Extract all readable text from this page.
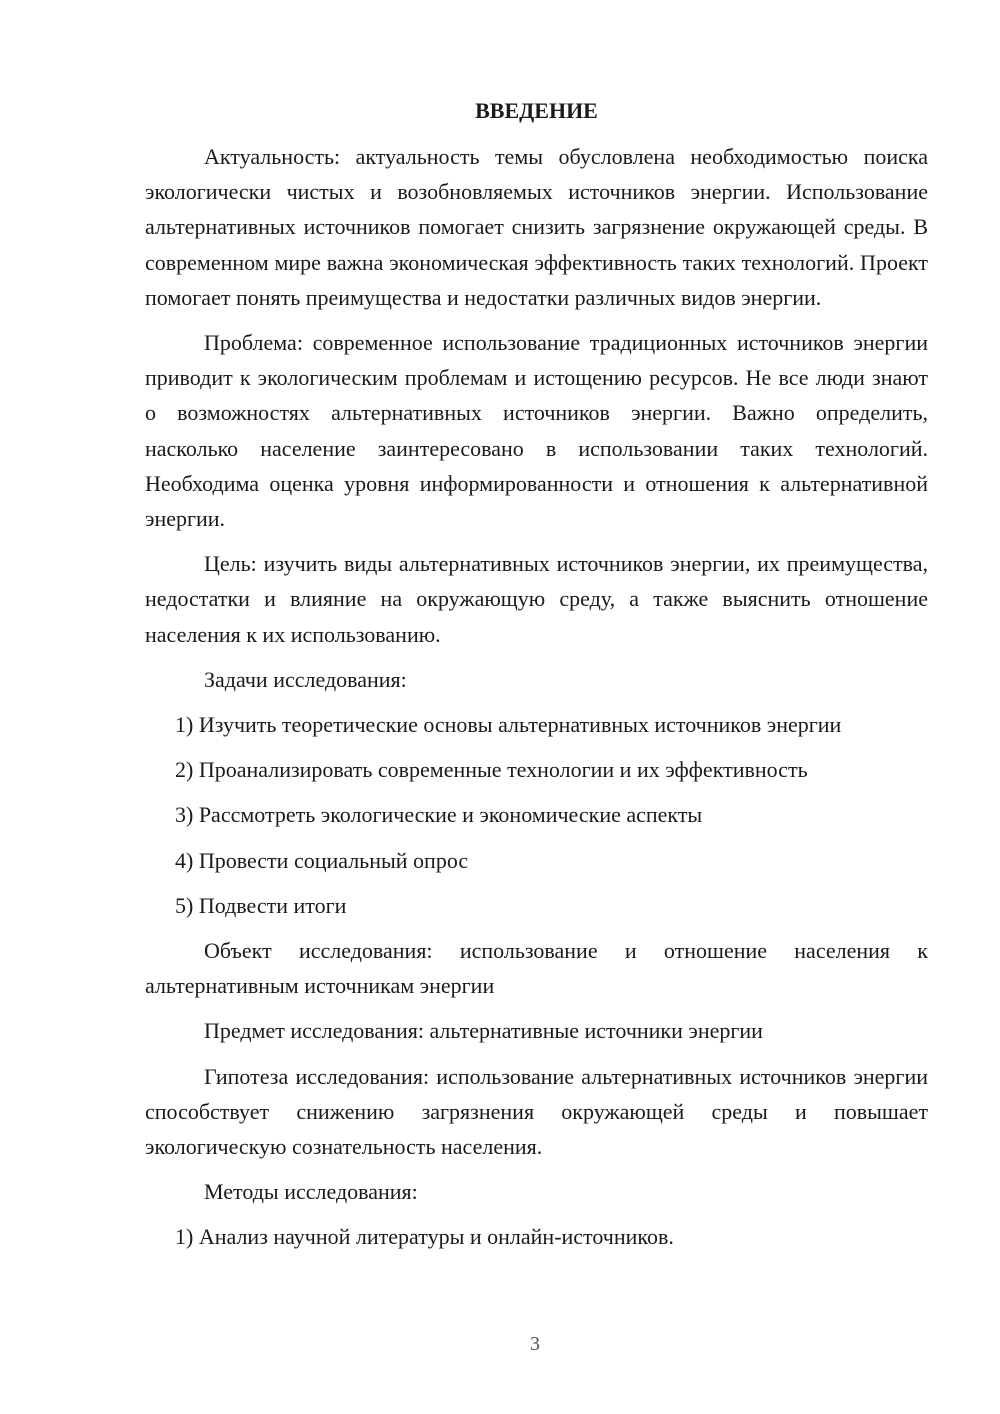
ВВЕДЕНИЕ

Актуальность: актуальность темы обусловлена необходимостью поиска экологически чистых и возобновляемых источников энергии. Использование альтернативных источников помогает снизить загрязнение окружающей среды. В современном мире важна экономическая эффективность таких технологий. Проект помогает понять преимущества и недостатки различных видов энергии.

Проблема: современное использование традиционных источников энергии приводит к экологическим проблемам и истощению ресурсов. Не все люди знают о возможностях альтернативных источников энергии. Важно определить, насколько население заинтересовано в использовании таких технологий. Необходима оценка уровня информированности и отношения к альтернативной энергии.

Цель: изучить виды альтернативных источников энергии, их преимущества, недостатки и влияние на окружающую среду, а также выяснить отношение населения к их использованию.

Задачи исследования:

1) Изучить теоретические основы альтернативных источников энергии

2) Проанализировать современные технологии и их эффективность

3) Рассмотреть экологические и экономические аспекты

4) Провести социальный опрос

5) Подвести итоги

Объект исследования: использование и отношение населения к альтернативным источникам энергии

Предмет исследования: альтернативные источники энергии

Гипотеза исследования: использование альтернативных источников энергии способствует снижению загрязнения окружающей среды и повышает экологическую сознательность населения.

Методы исследования:

1) Анализ научной литературы и онлайн-источников.

3
